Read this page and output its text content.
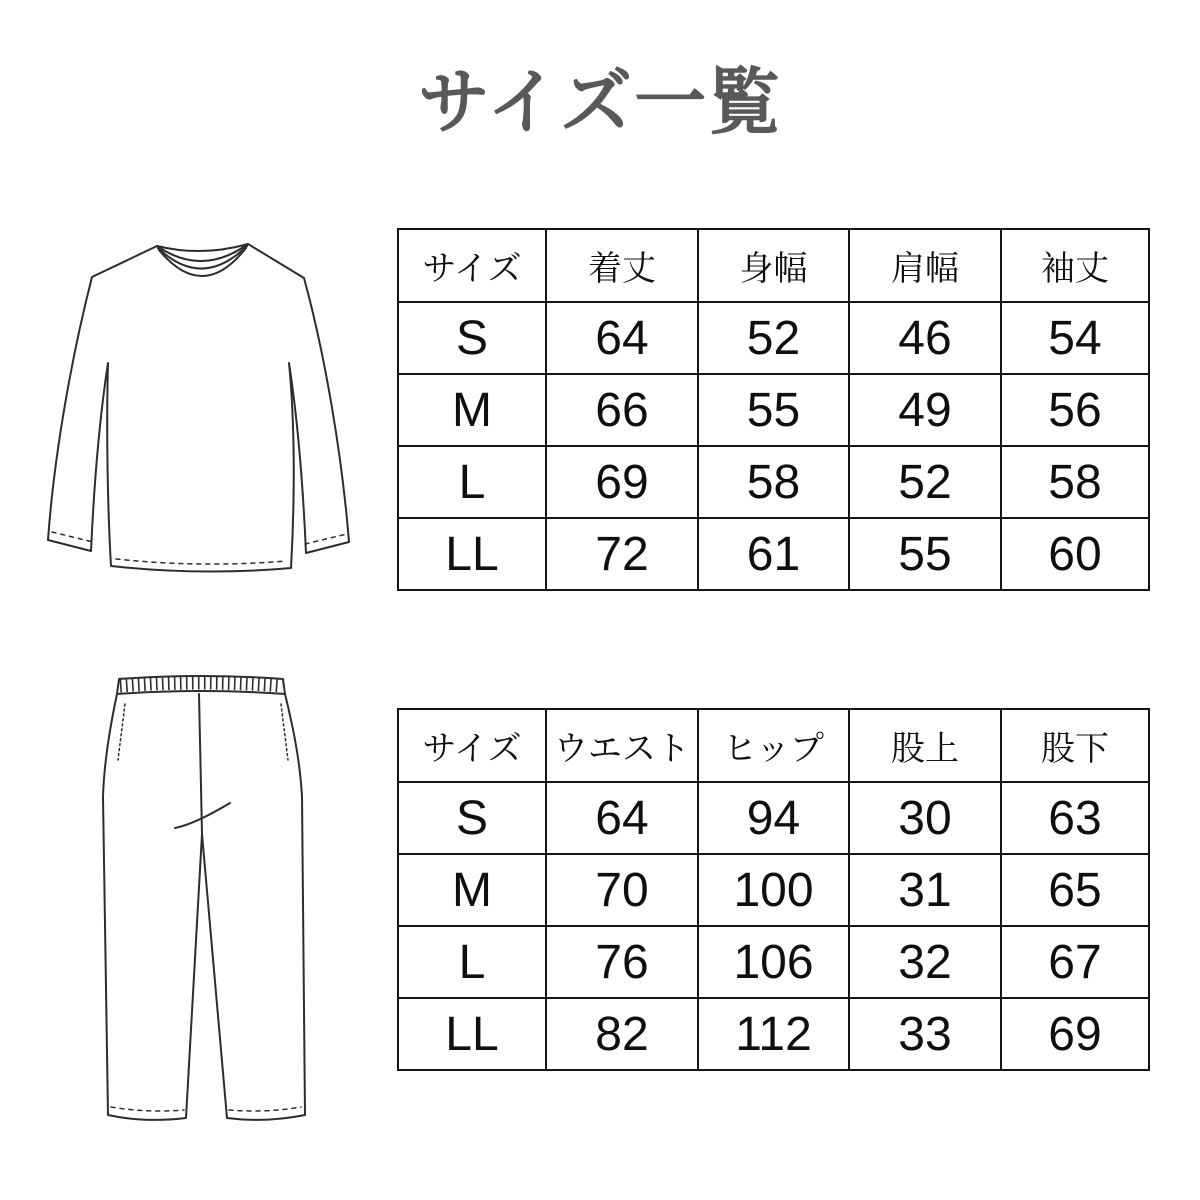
サイズ一覧
サイズ	着丈	身幅	肩幅	袖丈
S	64	52	46	54
M	66	55	49	56
L	69	58	52	58
LL	72	61	55	60
サイズ	ウエスト	ヒップ	股上	股下
S	64	94	30	63
M	70	100	31	65
L	76	106	32	67
LL	82	112	33	69
